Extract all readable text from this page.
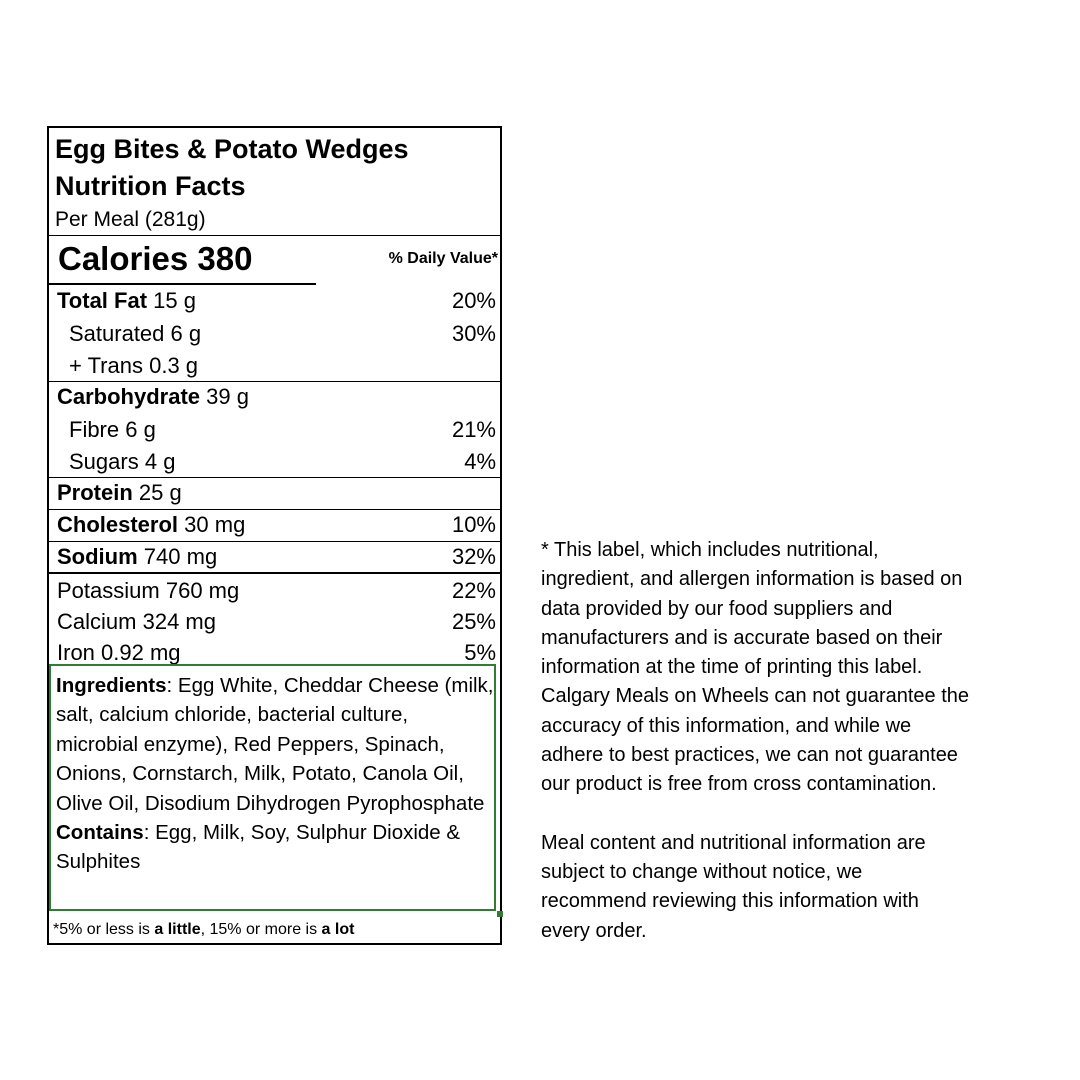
Egg Bites & Potato Wedges
Nutrition Facts
Per Meal (281g)
Calories 380	% Daily Value*
Total Fat 15 g	20%
Saturated 6 g	30%
+ Trans 0.3 g
Carbohydrate 39 g
Fibre 6 g	21%
Sugars 4 g	4%
Protein 25 g
Cholesterol 30 mg	10%
Sodium 740 mg	32%
Potassium 760 mg	22%
Calcium 324 mg	25%
Iron 0.92 mg	5%
Ingredients: Egg White, Cheddar Cheese (milk, salt, calcium chloride, bacterial culture, microbial enzyme), Red Peppers, Spinach, Onions, Cornstarch, Milk, Potato, Canola Oil, Olive Oil, Disodium Dihydrogen Pyrophosphate
Contains: Egg, Milk, Soy, Sulphur Dioxide & Sulphites
*5% or less is a little, 15% or more is a lot

* This label, which includes nutritional,
ingredient, and allergen information is based on
data provided by our food suppliers and
manufacturers and is accurate based on their
information at the time of printing this label.
Calgary Meals on Wheels can not guarantee the
accuracy of this information, and while we
adhere to best practices, we can not guarantee
our product is free from cross contamination.

Meal content and nutritional information are
subject to change without notice, we
recommend reviewing this information with
every order.
